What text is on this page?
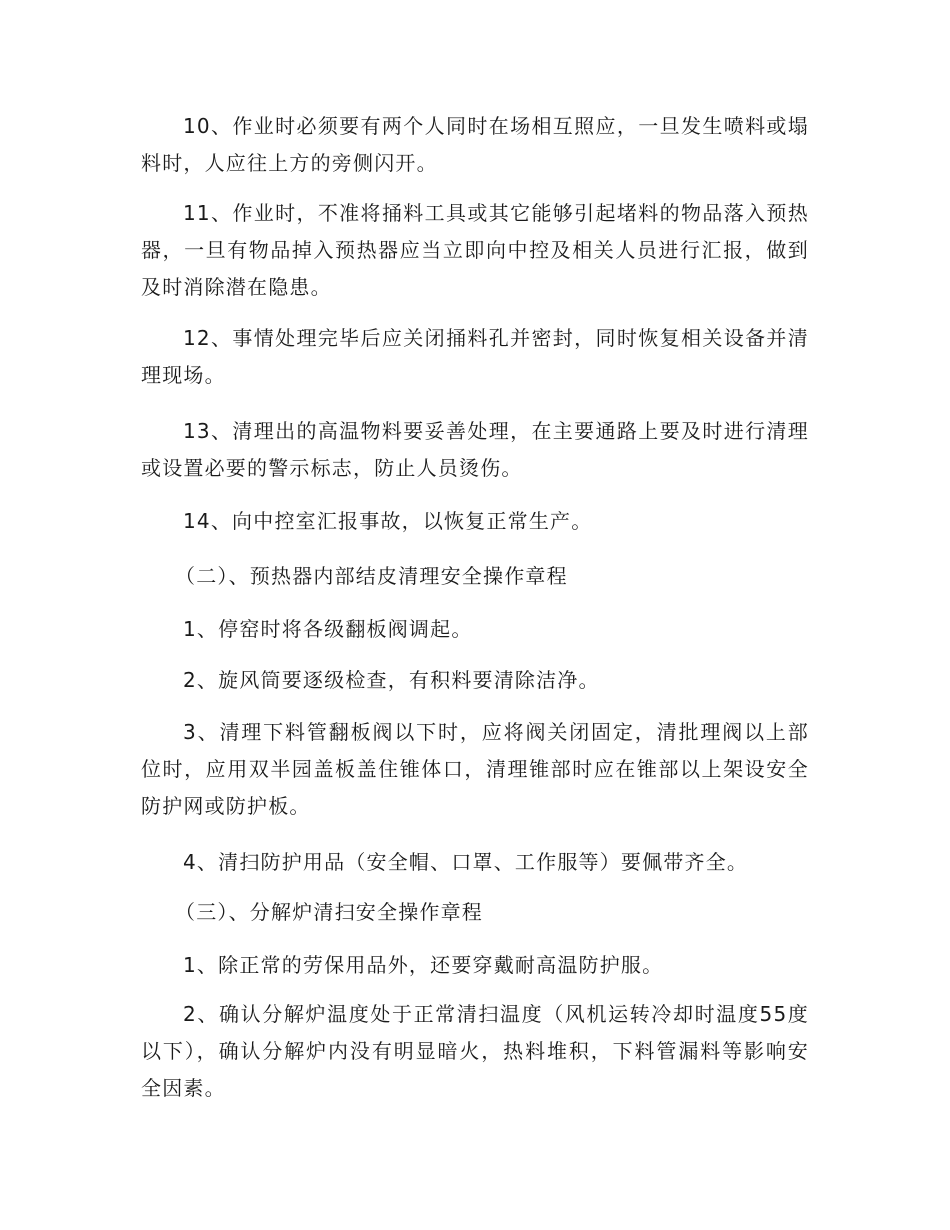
10、作业时必须要有两个人同时在场相互照应，一旦发生喷料或塌料时，人应往上方的旁侧闪开。

11、作业时，不准将捅料工具或其它能够引起堵料的物品落入预热器，一旦有物品掉入预热器应当立即向中控及相关人员进行汇报，做到及时消除潜在隐患。

12、事情处理完毕后应关闭捅料孔并密封，同时恢复相关设备并清理现场。

13、清理出的高温物料要妥善处理，在主要通路上要及时进行清理或设置必要的警示标志，防止人员烫伤。

14、向中控室汇报事故，以恢复正常生产。

（二）、预热器内部结皮清理安全操作章程

1、停窑时将各级翻板阀调起。

2、旋风筒要逐级检查，有积料要清除洁净。

3、清理下料管翻板阀以下时，应将阀关闭固定，清批理阀以上部位时，应用双半园盖板盖住锥体口，清理锥部时应在锥部以上架设安全防护网或防护板。

4、清扫防护用品（安全帽、口罩、工作服等）要佩带齐全。

（三）、分解炉清扫安全操作章程

1、除正常的劳保用品外，还要穿戴耐高温防护服。

2、确认分解炉温度处于正常清扫温度（风机运转冷却时温度55度以下），确认分解炉内没有明显暗火，热料堆积，下料管漏料等影响安全因素。
